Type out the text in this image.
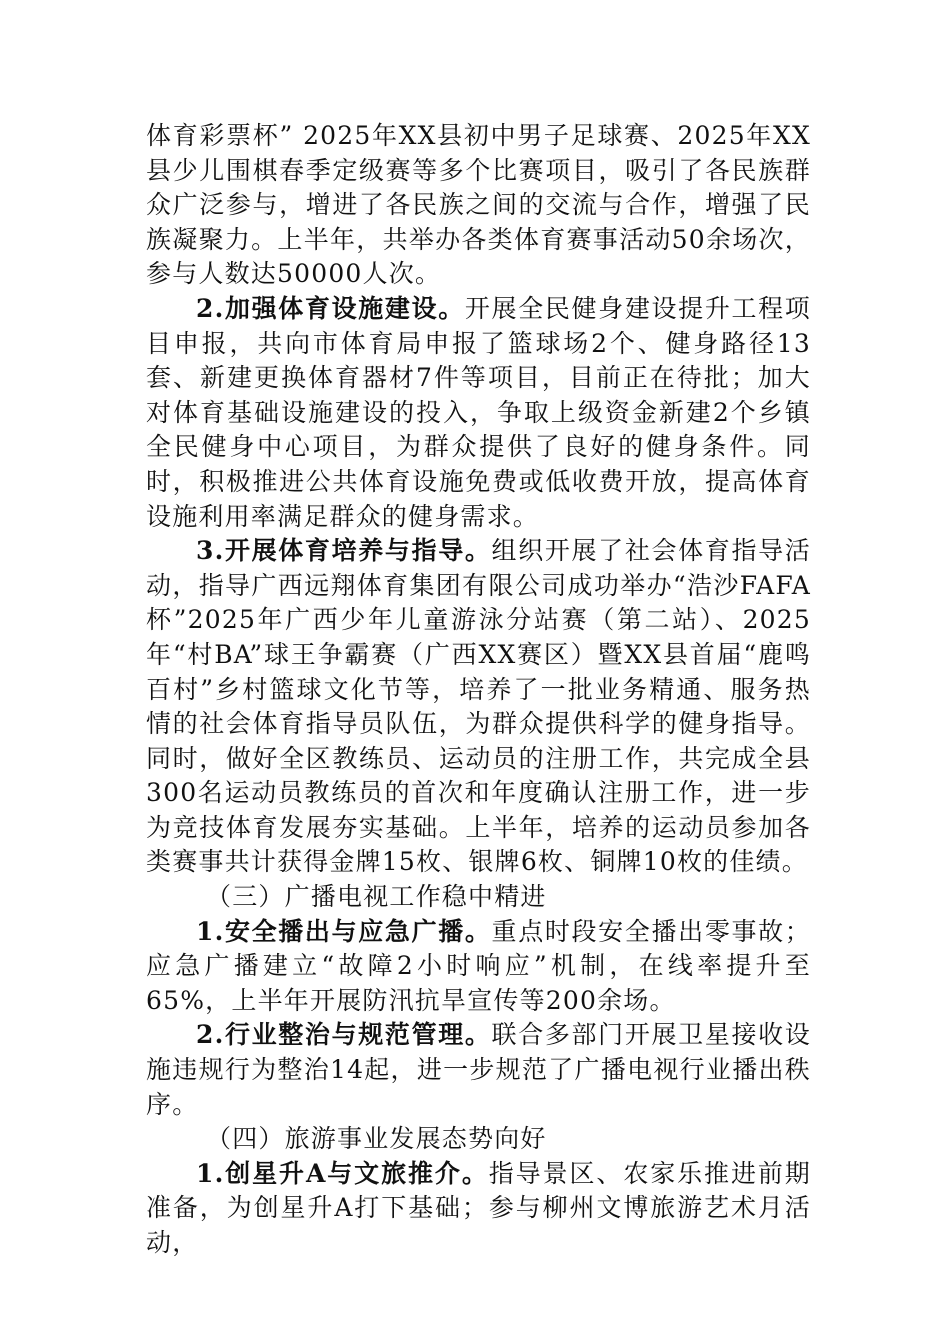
体育彩票杯” 2025年XX县初中男子足球赛、2025年XX县少儿围棋春季定级赛等多个比赛项目，吸引了各民族群众广泛参与，增进了各民族之间的交流与合作，增强了民族凝聚力。上半年，共举办各类体育赛事活动50余场次，参与人数达50000人次。

2.加强体育设施建设。开展全民健身建设提升工程项目申报，共向市体育局申报了篮球场2个、健身路径13套、新建更换体育器材7件等项目，目前正在待批；加大对体育基础设施建设的投入，争取上级资金新建2个乡镇全民健身中心项目，为群众提供了良好的健身条件。同时，积极推进公共体育设施免费或低收费开放，提高体育设施利用率满足群众的健身需求。

3.开展体育培养与指导。组织开展了社会体育指导活动，指导广西远翔体育集团有限公司成功举办“浩沙FAFA杯”2025年广西少年儿童游泳分站赛（第二站）、2025年“村BA”球王争霸赛（广西XX赛区）暨XX县首届“鹿鸣百村”乡村篮球文化节等，培养了一批业务精通、服务热情的社会体育指导员队伍，为群众提供科学的健身指导。同时，做好全区教练员、运动员的注册工作，共完成全县300名运动员教练员的首次和年度确认注册工作，进一步为竞技体育发展夯实基础。上半年，培养的运动员参加各类赛事共计获得金牌15枚、银牌6枚、铜牌10枚的佳绩。

（三）广播电视工作稳中精进

1.安全播出与应急广播。重点时段安全播出零事故；应急广播建立“故障2小时响应”机制，在线率提升至65%，上半年开展防汛抗旱宣传等200余场。

2.行业整治与规范管理。联合多部门开展卫星接收设施违规行为整治14起，进一步规范了广播电视行业播出秩序。

（四）旅游事业发展态势向好

1.创星升A与文旅推介。指导景区、农家乐推进前期准备，为创星升A打下基础；参与柳州文博旅游艺术月活动，
